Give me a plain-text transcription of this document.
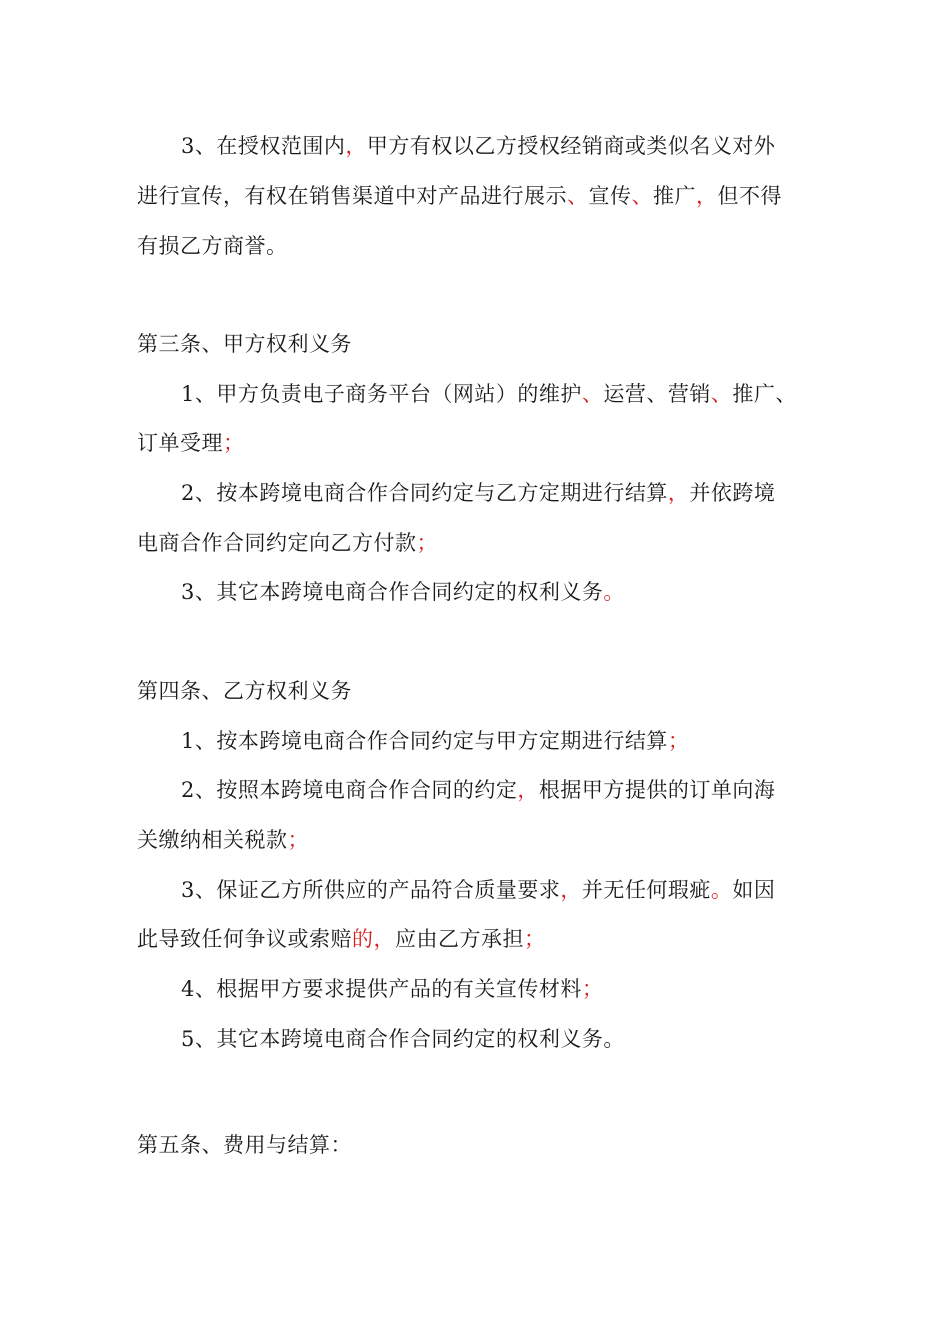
3、在授权范围内，甲方有权以乙方授权经销商或类似名义对外
进行宣传，有权在销售渠道中对产品进行展示、宣传、推广，但不得
有损乙方商誉。
第三条、甲方权利义务
1、甲方负责电子商务平台（网站）的维护、运营、营销、推广、
订单受理；
2、按本跨境电商合作合同约定与乙方定期进行结算，并依跨境
电商合作合同约定向乙方付款；
3、其它本跨境电商合作合同约定的权利义务。
第四条、乙方权利义务
1、按本跨境电商合作合同约定与甲方定期进行结算；
2、按照本跨境电商合作合同的约定，根据甲方提供的订单向海
关缴纳相关税款；
3、保证乙方所供应的产品符合质量要求，并无任何瑕疵。如因
此导致任何争议或索赔的，应由乙方承担；
4、根据甲方要求提供产品的有关宣传材料；
5、其它本跨境电商合作合同约定的权利义务。
第五条、费用与结算：
